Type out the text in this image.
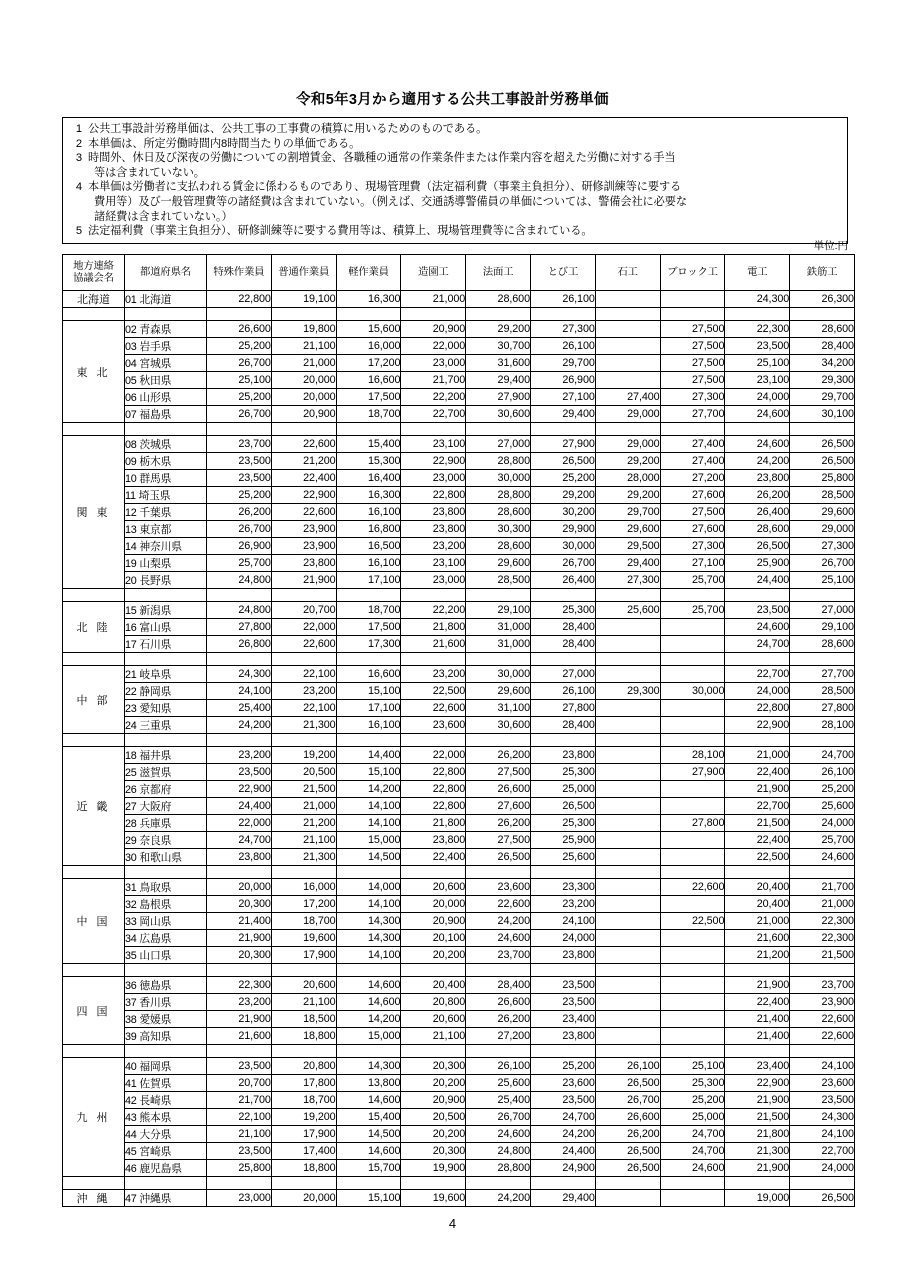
令和5年3月から適用する公共工事設計労務単価
1 公共工事設計労務単価は、公共工事の工事費の積算に用いるためのものである。
2 本単価は、所定労働時間内8時間当たりの単価である。
3 時間外、休日及び深夜の労働についての割増賃金、各職種の通常の作業条件または作業内容を超えた労働に対する手当
等は含まれていない。
4 本単価は労働者に支払われる賃金に係わるものであり、現場管理費（法定福利費（事業主負担分）、研修訓練等に要する
費用等）及び一般管理費等の諸経費は含まれていない。（例えば、交通誘導警備員の単価については、警備会社に必要な
諸経費は含まれていない。）
5 法定福利費（事業主負担分）、研修訓練等に要する費用等は、積算上、現場管理費等に含まれている。
単位:円
地方連絡
協議会名	都道府県名	特殊作業員	普通作業員	軽作業員	造園工	法面工	とび工	石工	ブロック工	電工	鉄筋工
北海道	01 北海道	22,800	19,100	16,300	21,000	28,600	26,100			24,300	26,300

東 北	02 青森県	26,600	19,800	15,600	20,900	29,200	27,300		27,500	22,300	28,600
	03 岩手県	25,200	21,100	16,000	22,000	30,700	26,100		27,500	23,500	28,400
	04 宮城県	26,700	21,000	17,200	23,000	31,600	29,700		27,500	25,100	34,200
	05 秋田県	25,100	20,000	16,600	21,700	29,400	26,900		27,500	23,100	29,300
	06 山形県	25,200	20,000	17,500	22,200	27,900	27,100	27,400	27,300	24,000	29,700
	07 福島県	26,700	20,900	18,700	22,700	30,600	29,400	29,000	27,700	24,600	30,100

関 東	08 茨城県	23,700	22,600	15,400	23,100	27,000	27,900	29,000	27,400	24,600	26,500
	09 栃木県	23,500	21,200	15,300	22,900	28,800	26,500	29,200	27,400	24,200	26,500
	10 群馬県	23,500	22,400	16,400	23,000	30,000	25,200	28,000	27,200	23,800	25,800
	11 埼玉県	25,200	22,900	16,300	22,800	28,800	29,200	29,200	27,600	26,200	28,500
	12 千葉県	26,200	22,600	16,100	23,800	28,600	30,200	29,700	27,500	26,400	29,600
	13 東京都	26,700	23,900	16,800	23,800	30,300	29,900	29,600	27,600	28,600	29,000
	14 神奈川県	26,900	23,900	16,500	23,200	28,600	30,000	29,500	27,300	26,500	27,300
	19 山梨県	25,700	23,800	16,100	23,100	29,600	26,700	29,400	27,100	25,900	26,700
	20 長野県	24,800	21,900	17,100	23,000	28,500	26,400	27,300	25,700	24,400	25,100

北 陸	15 新潟県	24,800	20,700	18,700	22,200	29,100	25,300	25,600	25,700	23,500	27,000
	16 富山県	27,800	22,000	17,500	21,800	31,000	28,400			24,600	29,100
	17 石川県	26,800	22,600	17,300	21,600	31,000	28,400			24,700	28,600

中 部	21 岐阜県	24,300	22,100	16,600	23,200	30,000	27,000			22,700	27,700
	22 静岡県	24,100	23,200	15,100	22,500	29,600	26,100	29,300	30,000	24,000	28,500
	23 愛知県	25,400	22,100	17,100	22,600	31,100	27,800			22,800	27,800
	24 三重県	24,200	21,300	16,100	23,600	30,600	28,400			22,900	28,100

近 畿	18 福井県	23,200	19,200	14,400	22,000	26,200	23,800		28,100	21,000	24,700
	25 滋賀県	23,500	20,500	15,100	22,800	27,500	25,300		27,900	22,400	26,100
	26 京都府	22,900	21,500	14,200	22,800	26,600	25,000			21,900	25,200
	27 大阪府	24,400	21,000	14,100	22,800	27,600	26,500			22,700	25,600
	28 兵庫県	22,000	21,200	14,100	21,800	26,200	25,300		27,800	21,500	24,000
	29 奈良県	24,700	21,100	15,000	23,800	27,500	25,900			22,400	25,700
	30 和歌山県	23,800	21,300	14,500	22,400	26,500	25,600			22,500	24,600

中 国	31 鳥取県	20,000	16,000	14,000	20,600	23,600	23,300		22,600	20,400	21,700
	32 島根県	20,300	17,200	14,100	20,000	22,600	23,200			20,400	21,000
	33 岡山県	21,400	18,700	14,300	20,900	24,200	24,100		22,500	21,000	22,300
	34 広島県	21,900	19,600	14,300	20,100	24,600	24,000			21,600	22,300
	35 山口県	20,300	17,900	14,100	20,200	23,700	23,800			21,200	21,500

四 国	36 徳島県	22,300	20,600	14,600	20,400	28,400	23,500			21,900	23,700
	37 香川県	23,200	21,100	14,600	20,800	26,600	23,500			22,400	23,900
	38 愛媛県	21,900	18,500	14,200	20,600	26,200	23,400			21,400	22,600
	39 高知県	21,600	18,800	15,000	21,100	27,200	23,800			21,400	22,600

九 州	40 福岡県	23,500	20,800	14,300	20,300	26,100	25,200	26,100	25,100	23,400	24,100
	41 佐賀県	20,700	17,800	13,800	20,200	25,600	23,600	26,500	25,300	22,900	23,600
	42 長崎県	21,700	18,700	14,600	20,900	25,400	23,500	26,700	25,200	21,900	23,500
	43 熊本県	22,100	19,200	15,400	20,500	26,700	24,700	26,600	25,000	21,500	24,300
	44 大分県	21,100	17,900	14,500	20,200	24,600	24,200	26,200	24,700	21,800	24,100
	45 宮崎県	23,500	17,400	14,600	20,300	24,800	24,400	26,500	24,700	21,300	22,700
	46 鹿児島県	25,800	18,800	15,700	19,900	28,800	24,900	26,500	24,600	21,900	24,000

沖 縄	47 沖縄県	23,000	20,000	15,100	19,600	24,200	29,400			19,000	26,500
4
